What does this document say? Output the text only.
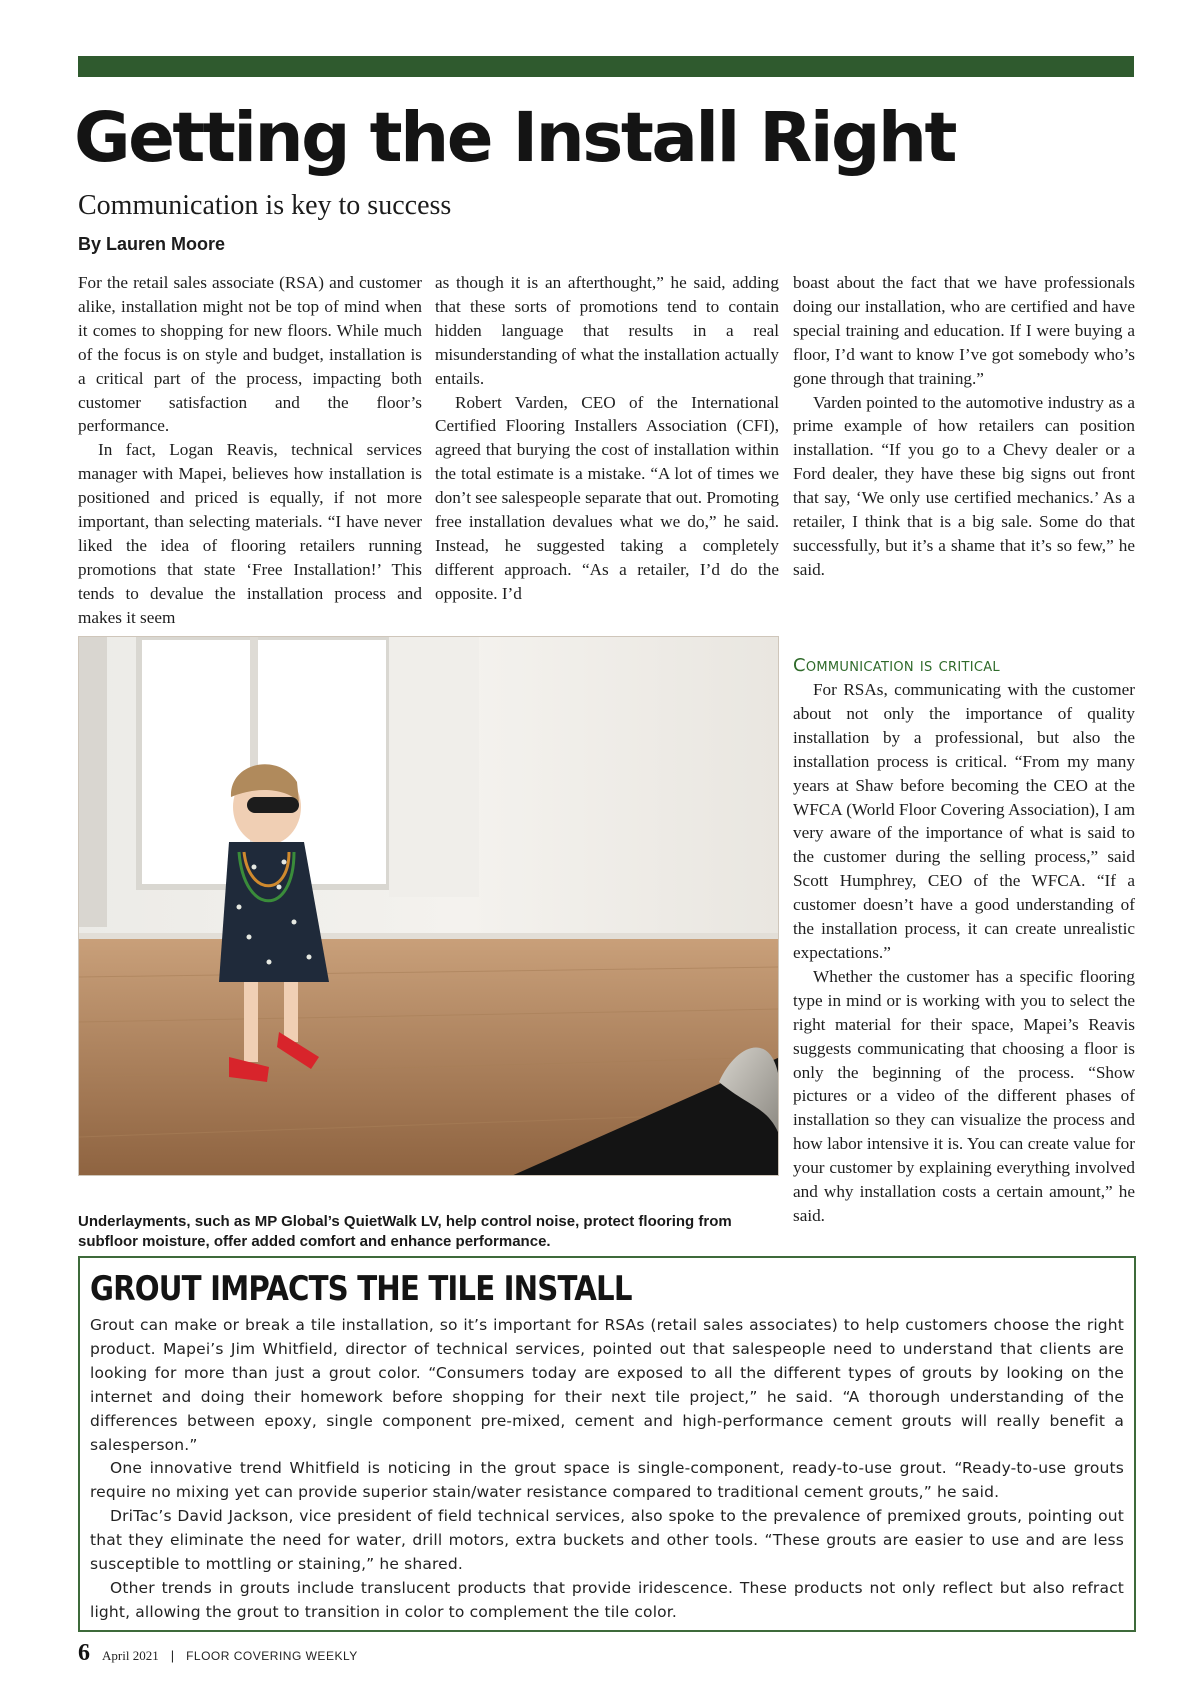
Getting the Install Right
Communication is key to success
By Lauren Moore

For the retail sales associate (RSA) and customer alike, installation might not be top of mind when it comes to shopping for new floors. While much of the focus is on style and budget, installation is a critical part of the process, impacting both customer satisfaction and the floor’s performance.

In fact, Logan Reavis, technical services manager with Mapei, believes how installation is positioned and priced is equally, if not more important, than selecting materials. “I have never liked the idea of flooring retailers running promotions that state ‘Free Installation!’ This tends to devalue the installation process and makes it seem

as though it is an afterthought,” he said, adding that these sorts of promotions tend to contain hidden language that results in a real misunderstanding of what the installation actually entails.

Robert Varden, CEO of the International Certified Flooring Installers Association (CFI), agreed that burying the cost of installation within the total estimate is a mistake. “A lot of times we don’t see salespeople separate that out. Promoting free installation devalues what we do,” he said. Instead, he suggested taking a completely different approach. “As a retailer, I’d do the opposite. I’d

boast about the fact that we have professionals doing our installation, who are certified and have special training and education. If I were buying a floor, I’d want to know I’ve got somebody who’s gone through that training.”

Varden pointed to the automotive industry as a prime example of how retailers can position installation. “If you go to a Chevy dealer or a Ford dealer, they have these big signs out front that say, ‘We only use certified mechanics.’ As a retailer, I think that is a big sale. Some do that successfully, but it’s a shame that it’s so few,” he said.

Communication is critical

For RSAs, communicating with the customer about not only the importance of quality installation by a professional, but also the installation process is critical. “From my many years at Shaw before becoming the CEO at the WFCA (World Floor Covering Association), I am very aware of the importance of what is said to the customer during the selling process,” said Scott Humphrey, CEO of the WFCA. “If a customer doesn’t have a good understanding of the installation process, it can create unrealistic expectations.”

Whether the customer has a specific flooring type in mind or is working with you to select the right material for their space, Mapei’s Reavis suggests communicating that choosing a floor is only the beginning of the process. “Show pictures or a video of the different phases of installation so they can visualize the process and how labor intensive it is. You can create value for your customer by explaining everything involved and why installation costs a certain amount,” he said.

Underlayments, such as MP Global’s QuietWalk LV, help control noise, protect flooring from subfloor moisture, offer added comfort and enhance performance.
GROUT IMPACTS THE TILE INSTALL

Grout can make or break a tile installation, so it’s important for RSAs (retail sales associates) to help customers choose the right product. Mapei’s Jim Whitfield, director of technical services, pointed out that salespeople need to understand that clients are looking for more than just a grout color. “Consumers today are exposed to all the different types of grouts by looking on the internet and doing their homework before shopping for their next tile project,” he said. “A thorough understanding of the differences between epoxy, single component pre-mixed, cement and high-performance cement grouts will really benefit a salesperson.”

One innovative trend Whitfield is noticing in the grout space is single-component, ready-to-use grout. “Ready-to-use grouts require no mixing yet can provide superior stain/water resistance compared to traditional cement grouts,” he said.

DriTac’s David Jackson, vice president of field technical services, also spoke to the prevalence of premixed grouts, pointing out that they eliminate the need for water, drill motors, extra buckets and other tools. “These grouts are easier to use and are less susceptible to mottling or staining,” he shared.

Other trends in grouts include translucent products that provide iridescence. These products not only reflect but also refract light, allowing the grout to transition in color to complement the tile color.

6 April 2021 | FLOOR COVERING WEEKLY
